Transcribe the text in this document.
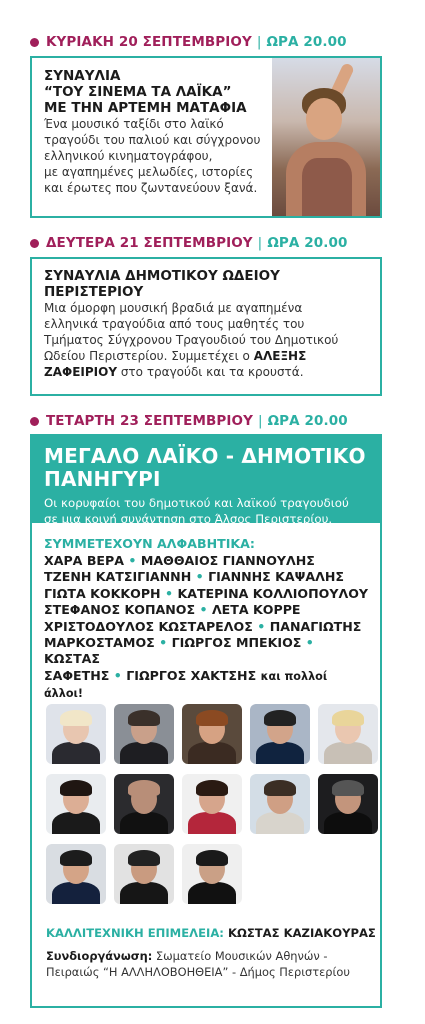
ΚΥΡΙΑΚΗ 20 ΣΕΠΤΕΜΒΡΙΟΥ | ΩΡΑ 20.00
ΣΥΝΑΥΛΙΑ
“ΤΟΥ ΣΙΝΕΜΑ ΤΑ ΛΑΪΚΑ”
ΜΕ ΤΗΝ ΑΡΤΕΜΗ ΜΑΤΑΦΙΑ
Ένα μουσικό ταξίδι στο λαϊκό
τραγούδι του παλιού και σύγχρονου
ελληνικού κινηματογράφου,
με αγαπημένες μελωδίες, ιστορίες
και έρωτες που ζωντανεύουν ξανά.
ΔΕΥΤΕΡΑ 21 ΣΕΠΤΕΜΒΡΙΟΥ | ΩΡΑ 20.00
ΣΥΝΑΥΛΙΑ ΔΗΜΟΤΙΚΟΥ ΩΔΕΙΟΥ
ΠΕΡΙΣΤΕΡΙΟΥ
Μια όμορφη μουσική βραδιά με αγαπημένα
ελληνικά τραγούδια από τους μαθητές του
Τμήματος Σύγχρονου Τραγουδιού του Δημοτικού
Ωδείου Περιστερίου. Συμμετέχει ο ΑΛΕΞΗΣ
ΖΑΦΕΙΡΙΟΥ στο τραγούδι και τα κρουστά.
ΤΕΤΑΡΤΗ 23 ΣΕΠΤΕΜΒΡΙΟΥ | ΩΡΑ 20.00
ΜΕΓΑΛΟ ΛΑΪΚΟ - ΔΗΜΟΤΙΚΟ
ΠΑΝΗΓΥΡΙ
Οι κορυφαίοι του δημοτικού και λαϊκού τραγουδιού
σε μια κοινή συνάντηση στο Άλσος Περιστερίου.
ΣΥΜΜΕΤΕΧΟΥΝ ΑΛΦΑΒΗΤΙΚΑ:
ΧΑΡΑ ΒΕΡΑ • ΜΑΘΘΑΙΟΣ ΓΙΑΝΝΟΥΛΗΣ
ΤΖΕΝΗ ΚΑΤΣΙΓΙΑΝΝΗ • ΓΙΑΝΝΗΣ ΚΑΨΑΛΗΣ
ΓΙΩΤΑ ΚΟΚΚΟΡΗ • ΚΑΤΕΡΙΝΑ ΚΟΛΛΙΟΠΟΥΛΟΥ
ΣΤΕΦΑΝΟΣ ΚΟΠΑΝΟΣ • ΛΕΤΑ ΚΟΡΡΕ
ΧΡΙΣΤΟΔΟΥΛΟΣ ΚΩΣΤΑΡΕΛΟΣ • ΠΑΝΑΓΙΩΤΗΣ
ΜΑΡΚΟΣΤΑΜΟΣ • ΓΙΩΡΓΟΣ ΜΠΕΚΙΟΣ • ΚΩΣΤΑΣ
ΣΑΦΕΤΗΣ • ΓΙΩΡΓΟΣ ΧΑΚΤΣΗΣ και πολλοί άλλοι!
ΚΑΛΛΙΤΕΧΝΙΚΗ ΕΠΙΜΕΛΕΙΑ: ΚΩΣΤΑΣ ΚΑΖΙΑΚΟΥΡΑΣ
Συνδιοργάνωση: Σωματείο Μουσικών Αθηνών -
Πειραιώς “Η ΑΛΛΗΛΟΒΟΗΘΕΙΑ” - Δήμος Περιστερίου
